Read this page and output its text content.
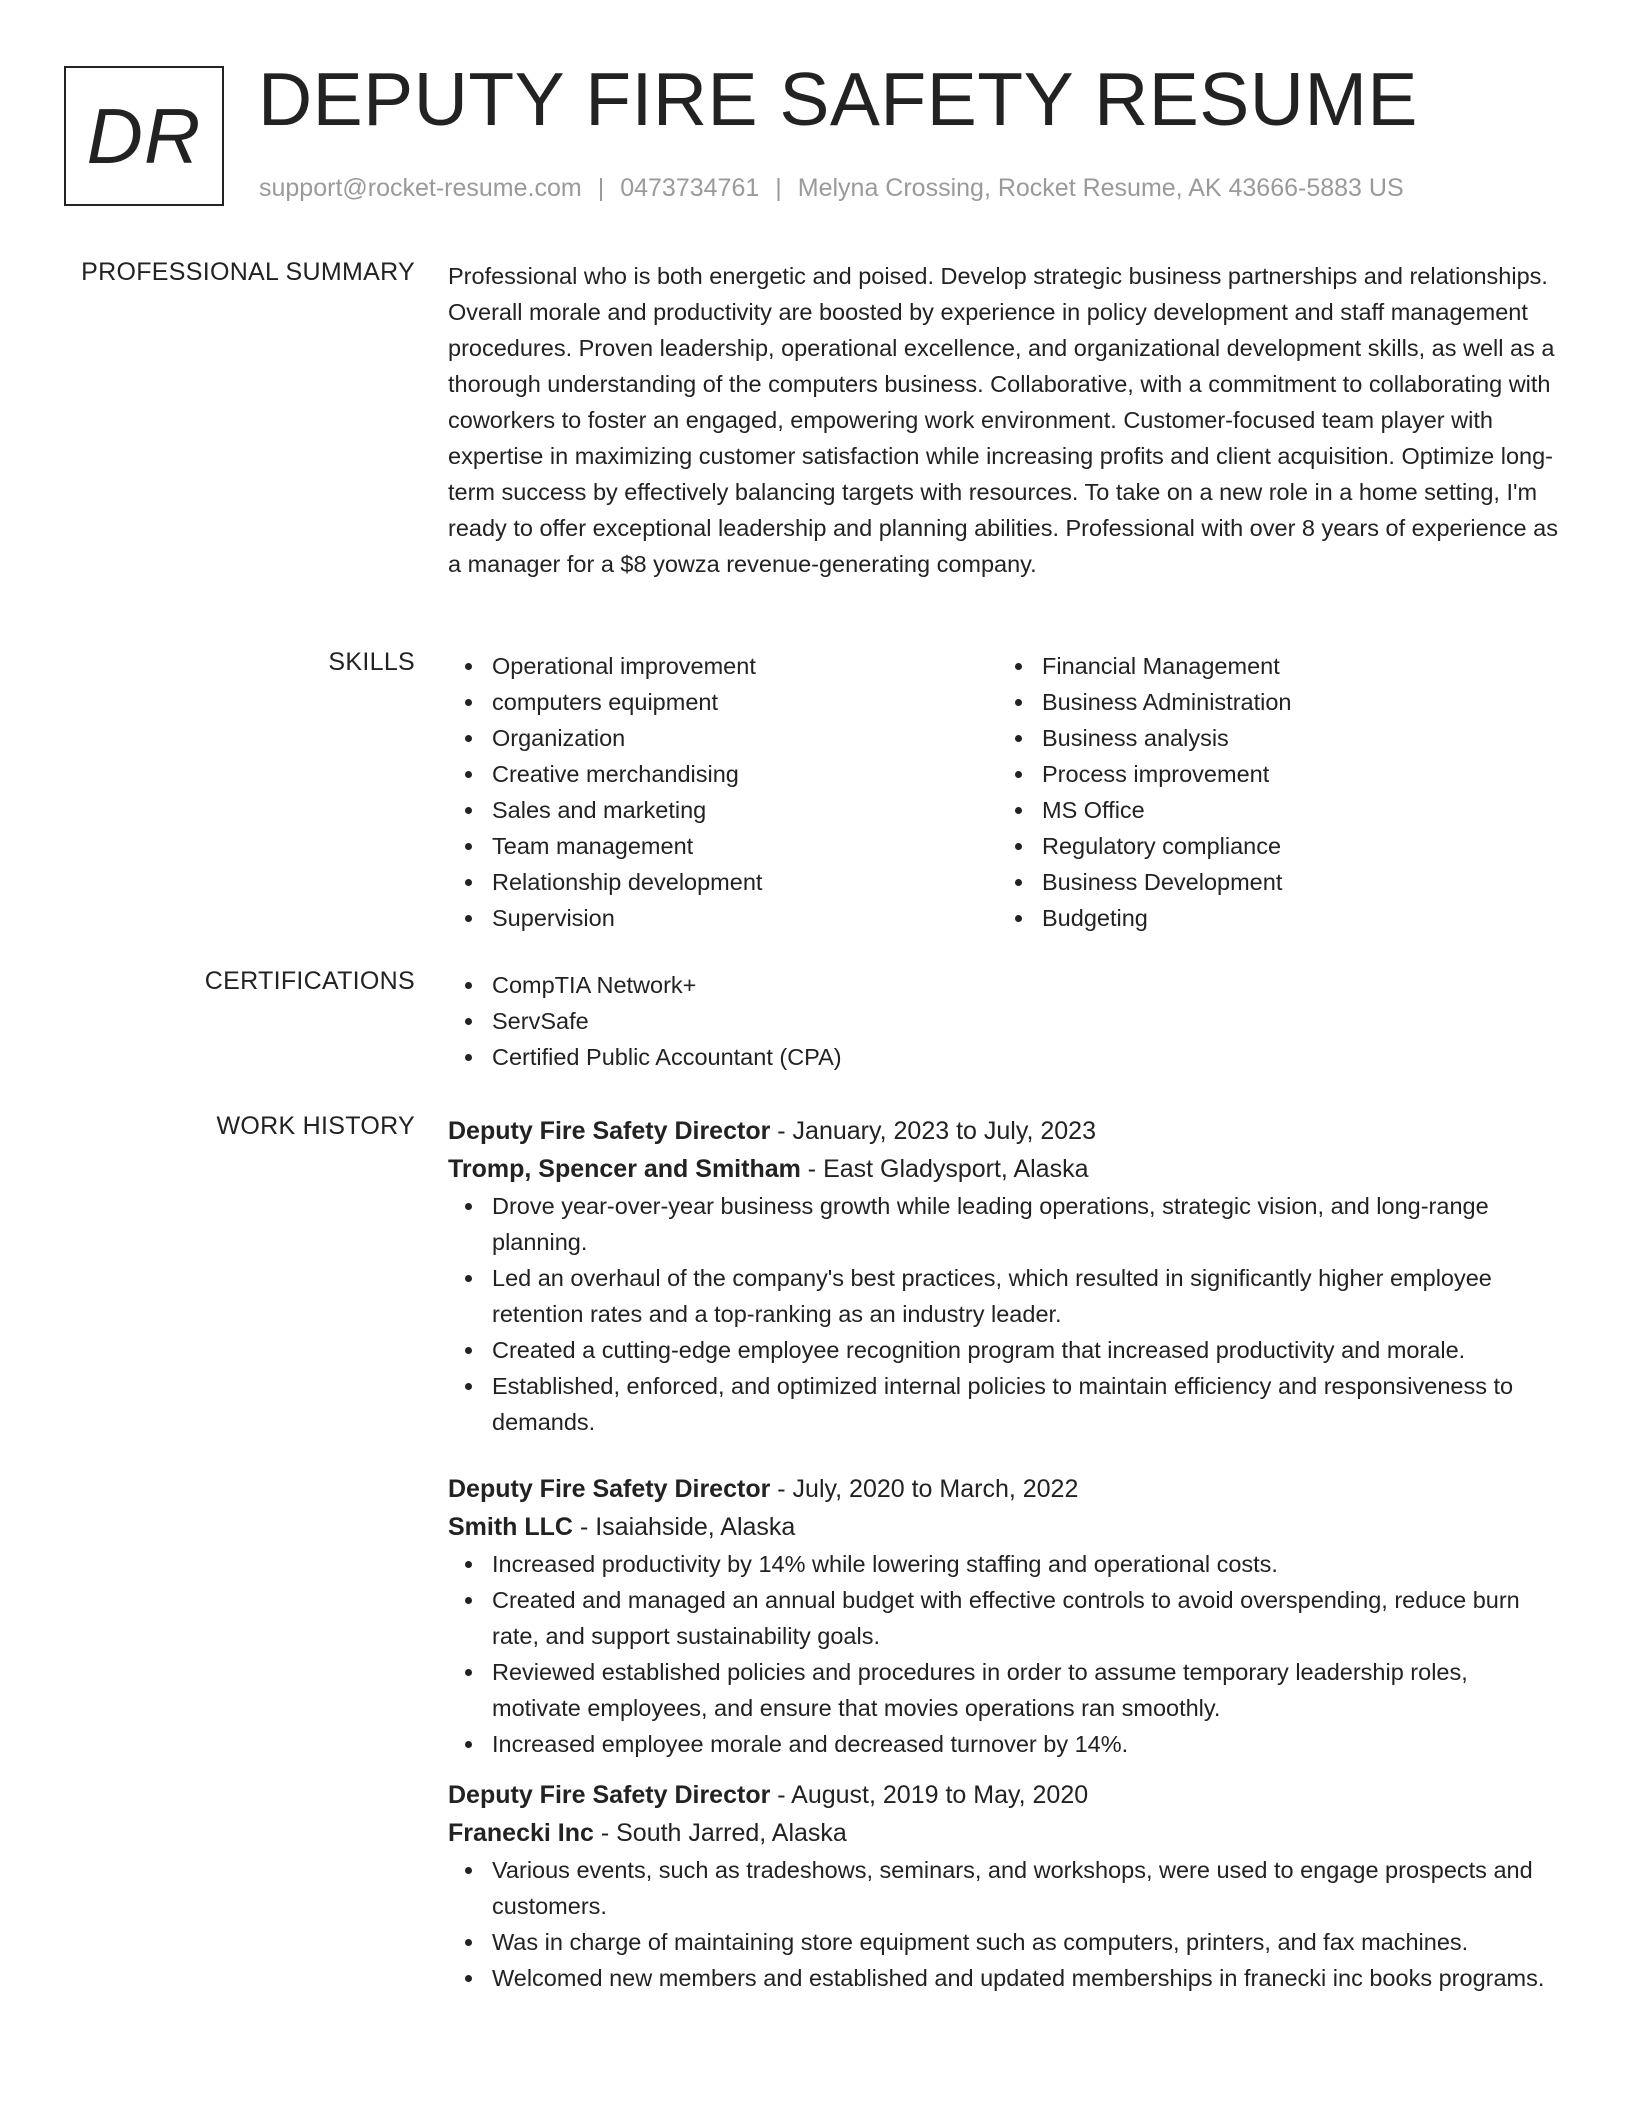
DR DEPUTY FIRE SAFETY RESUME
support@rocket-resume.com | 0473734761 | Melyna Crossing, Rocket Resume, AK 43666-5883 US
PROFESSIONAL SUMMARY Professional who is both energetic and poised. Develop strategic business partnerships and relationships. Overall morale and productivity are boosted by experience in policy development and staff management procedures. Proven leadership, operational excellence, and organizational development skills, as well as a thorough understanding of the computers business. Collaborative, with a commitment to collaborating with coworkers to foster an engaged, empowering work environment. Customer-focused team player with expertise in maximizing customer satisfaction while increasing profits and client acquisition. Optimize long-term success by effectively balancing targets with resources. To take on a new role in a home setting, I'm ready to offer exceptional leadership and planning abilities. Professional with over 8 years of experience as a manager for a $8 yowza revenue-generating company.

SKILLS	Operational improvement
computers equipment
Organization
Creative merchandising
Sales and marketing
Team management
Relationship development
Supervision
Financial Management
Business Administration
Business analysis
Process improvement
MS Office
Regulatory compliance
Business Development
Budgeting
CERTIFICATIONS	CompTIA Network+
ServSafe
Certified Public Accountant (CPA)
WORK HISTORY Deputy Fire Safety Director - January, 2023 to July, 2023
Tromp, Spencer and Smitham - East Gladysport, Alaska
Drove year-over-year business growth while leading operations, strategic vision, and long-range planning.
Led an overhaul of the company's best practices, which resulted in significantly higher employee retention rates and a top-ranking as an industry leader.
Created a cutting-edge employee recognition program that increased productivity and morale.
Established, enforced, and optimized internal policies to maintain efficiency and responsiveness to demands.
Deputy Fire Safety Director - July, 2020 to March, 2022
Smith LLC - Isaiahside, Alaska
Increased productivity by 14% while lowering staffing and operational costs.
Created and managed an annual budget with effective controls to avoid overspending, reduce burn rate, and support sustainability goals.
Reviewed established policies and procedures in order to assume temporary leadership roles, motivate employees, and ensure that movies operations ran smoothly.
Increased employee morale and decreased turnover by 14%.
Deputy Fire Safety Director - August, 2019 to May, 2020
Franecki Inc - South Jarred, Alaska
Various events, such as tradeshows, seminars, and workshops, were used to engage prospects and customers.
Was in charge of maintaining store equipment such as computers, printers, and fax machines.
Welcomed new members and established and updated memberships in franecki inc books programs.
